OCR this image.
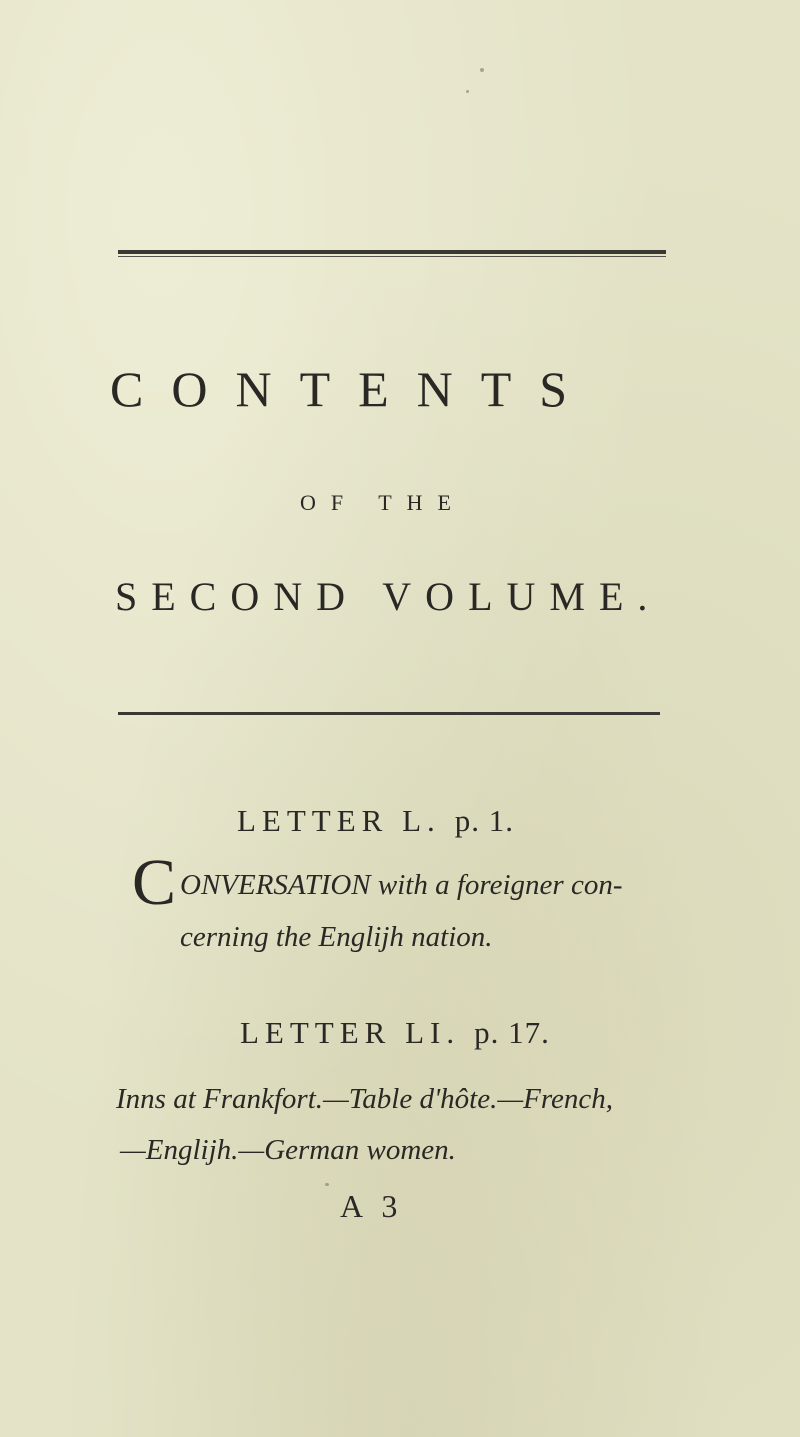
CONTENTS

OF THE

SECOND VOLUME.

LETTER L. p. 1.

C ONVERSATION with a foreigner con-

cerning the Englijh nation.

LETTER LI. p. 17.

Inns at Frankfort.—Table d'hôte.—French,

—Englijh.—German women.

A 3
